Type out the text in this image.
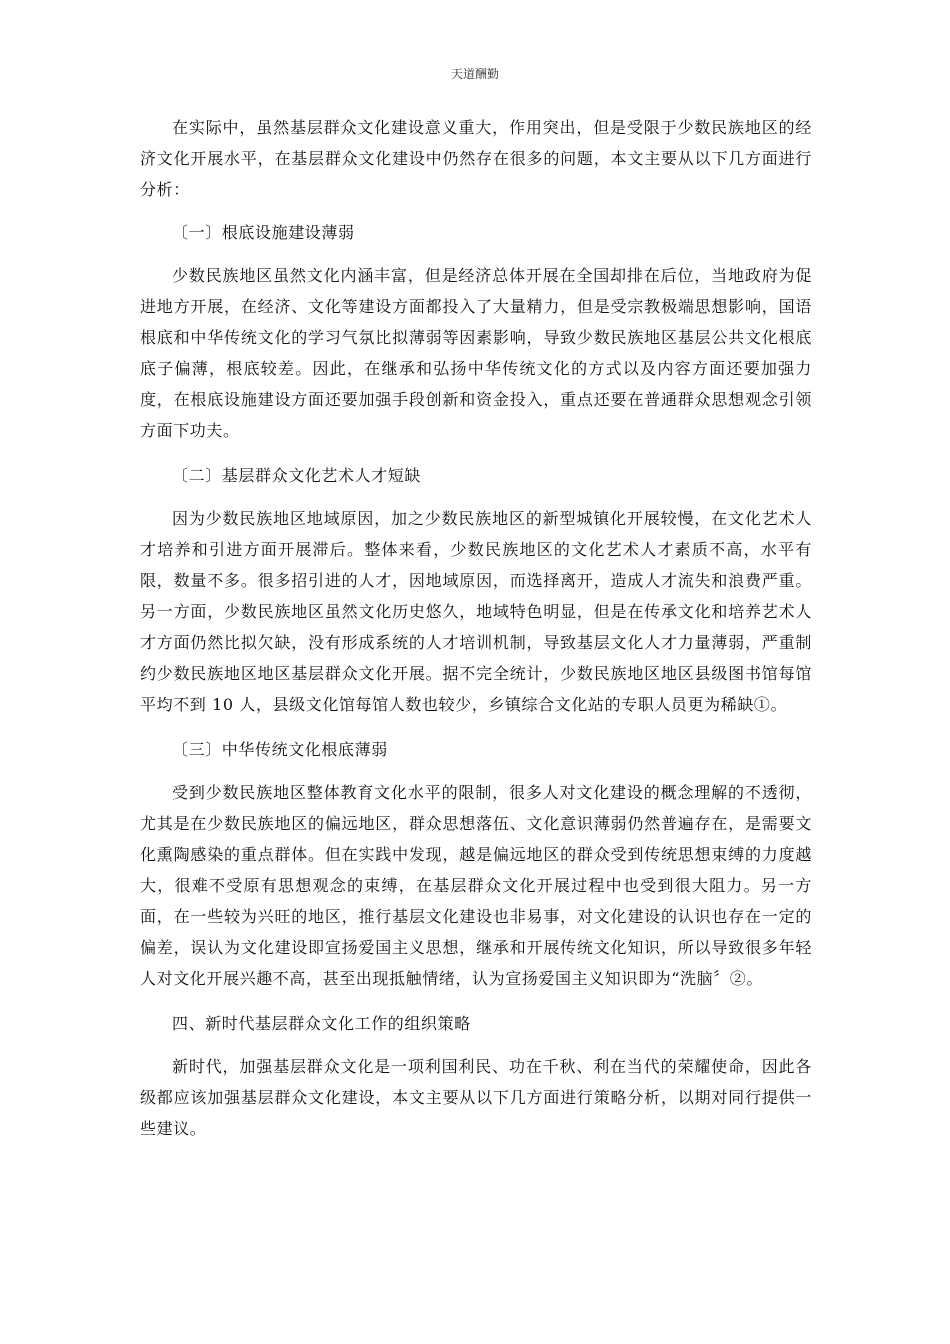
天道酬勤

在实际中，虽然基层群众文化建设意义重大，作用突出，但是受限于少数民族地区的经济文化开展水平，在基层群众文化建设中仍然存在很多的问题，本文主要从以下几方面进行分析：

〔一〕根底设施建设薄弱

少数民族地区虽然文化内涵丰富，但是经济总体开展在全国却排在后位，当地政府为促进地方开展，在经济、文化等建设方面都投入了大量精力，但是受宗教极端思想影响，国语根底和中华传统文化的学习气氛比拟薄弱等因素影响，导致少数民族地区基层公共文化根底底子偏薄，根底较差。因此，在继承和弘扬中华传统文化的方式以及内容方面还要加强力度，在根底设施建设方面还要加强手段创新和资金投入，重点还要在普通群众思想观念引领方面下功夫。

〔二〕基层群众文化艺术人才短缺

因为少数民族地区地域原因，加之少数民族地区的新型城镇化开展较慢，在文化艺术人才培养和引进方面开展滞后。整体来看，少数民族地区的文化艺术人才素质不高，水平有限，数量不多。很多招引进的人才，因地域原因，而选择离开，造成人才流失和浪费严重。另一方面，少数民族地区虽然文化历史悠久，地域特色明显，但是在传承文化和培养艺术人才方面仍然比拟欠缺，没有形成系统的人才培训机制，导致基层文化人才力量薄弱，严重制约少数民族地区地区基层群众文化开展。据不完全统计，少数民族地区地区县级图书馆每馆平均不到 10 人，县级文化馆每馆人数也较少，乡镇综合文化站的专职人员更为稀缺①。

〔三〕中华传统文化根底薄弱

受到少数民族地区整体教育文化水平的限制，很多人对文化建设的概念理解的不透彻，尤其是在少数民族地区的偏远地区，群众思想落伍、文化意识薄弱仍然普遍存在，是需要文化熏陶感染的重点群体。但在实践中发现，越是偏远地区的群众受到传统思想束缚的力度越大，很难不受原有思想观念的束缚，在基层群众文化开展过程中也受到很大阻力。另一方面，在一些较为兴旺的地区，推行基层文化建设也非易事，对文化建设的认识也存在一定的偏差，误认为文化建设即宣扬爱国主义思想，继承和开展传统文化知识，所以导致很多年轻人对文化开展兴趣不高，甚至出现抵触情绪，认为宣扬爱国主义知识即为“洗脑〞②。

四、新时代基层群众文化工作的组织策略

新时代，加强基层群众文化是一项利国利民、功在千秋、利在当代的荣耀使命，因此各级都应该加强基层群众文化建设，本文主要从以下几方面进行策略分析，以期对同行提供一些建议。
